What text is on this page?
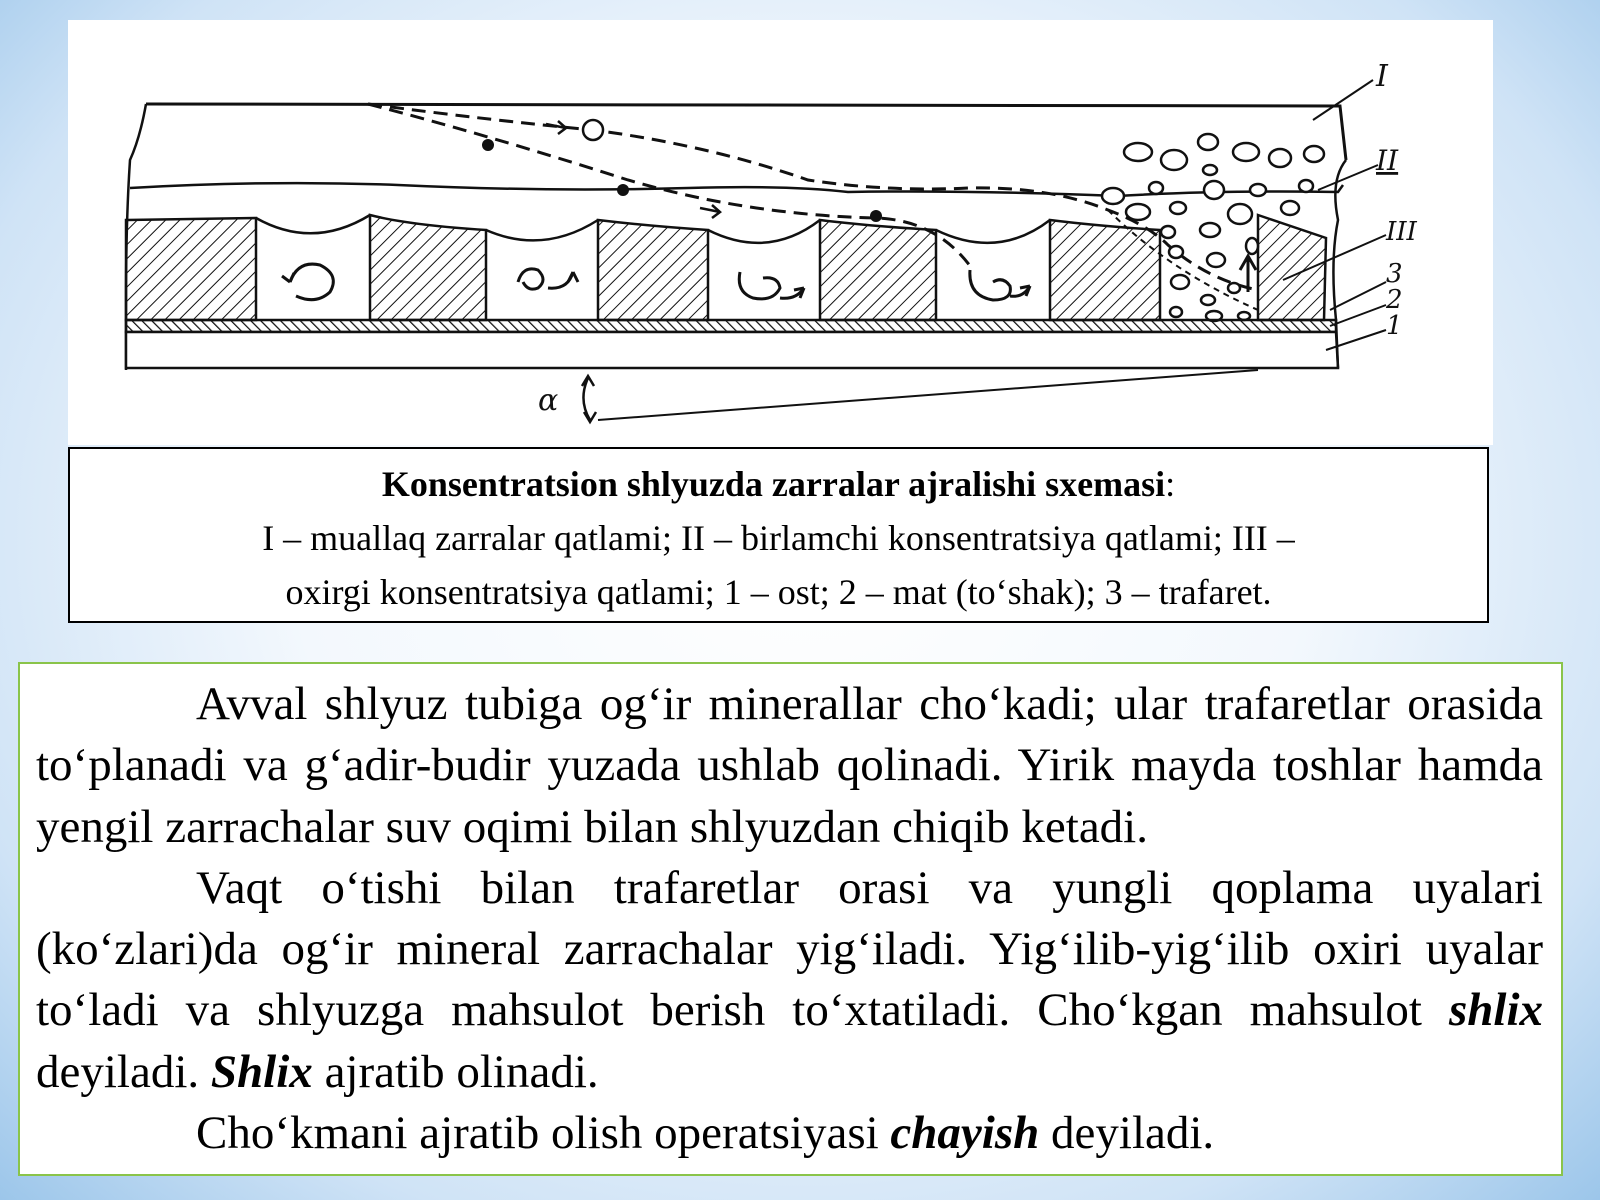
α
I
II
III
3
2
1
Konsentratsion shlyuzda zarralar ajralishi sxemasi:
I – muallaq zarralar qatlami; II – birlamchi konsentratsiya qatlami; III –
oxirgi konsentratsiya qatlami; 1 – ost; 2 – mat (to‘shak); 3 – trafaret.

Avval shlyuz tubiga og‘ir minerallar cho‘kadi; ular trafaretlar orasida to‘planadi va g‘adir-budir yuzada ushlab qolinadi. Yirik mayda toshlar hamda yengil zarrachalar suv oqimi bilan shlyuzdan chiqib ketadi.

Vaqt o‘tishi bilan trafaretlar orasi va yungli qoplama uyalari (ko‘zlari)da og‘ir mineral zarrachalar yig‘iladi. Yig‘ilib-yig‘ilib oxiri uyalar to‘ladi va shlyuzga mahsulot berish to‘xtatiladi. Cho‘kgan mahsulot shlix deyiladi. Shlix ajratib olinadi.

Cho‘kmani ajratib olish operatsiyasi chayish deyiladi.
